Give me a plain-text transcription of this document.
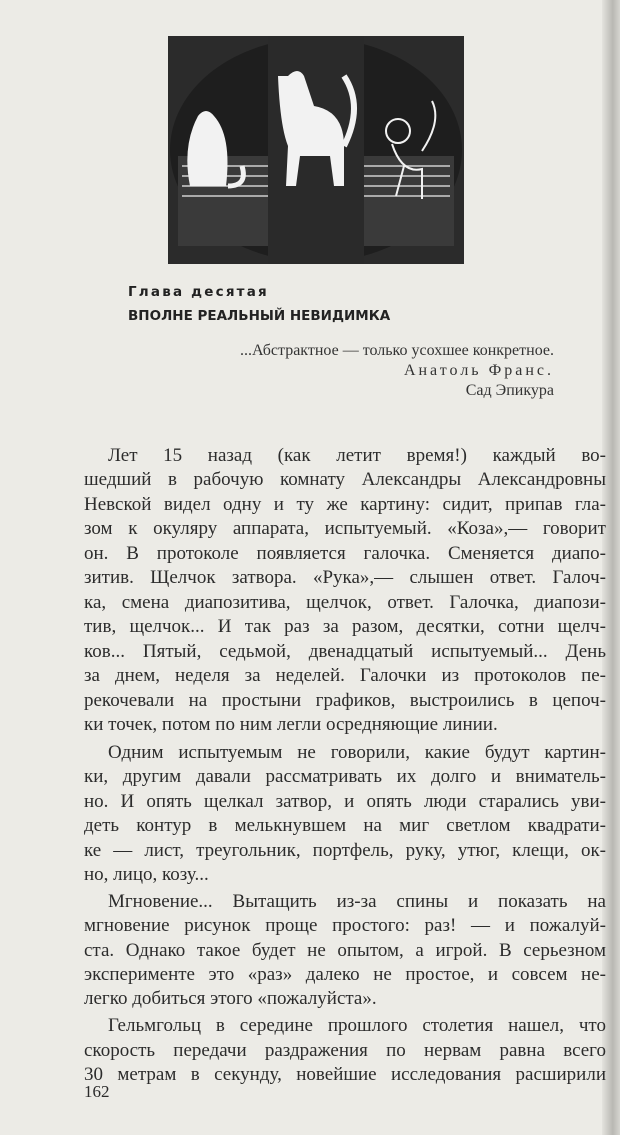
Глава десятая
ВПОЛНЕ РЕАЛЬНЫЙ НЕВИДИМКА
...Абстрактное — только усохшее конкретное.
Анатоль Франс.
Сад Эпикура
Лет 15 назад (как летит время!) каждый во-
шедший в рабочую комнату Александры Александровны
Невской видел одну и ту же картину: сидит, припав гла-
зом к окуляру аппарата, испытуемый. «Коза»,— говорит
он. В протоколе появляется галочка. Сменяется диапо-
зитив. Щелчок затвора. «Рука»,— слышен ответ. Галоч-
ка, смена диапозитива, щелчок, ответ. Галочка, диапози-
тив, щелчок... И так раз за разом, десятки, сотни щелч-
ков... Пятый, седьмой, двенадцатый испытуемый... День
за днем, неделя за неделей. Галочки из протоколов пе-
рекочевали на простыни графиков, выстроились в цепоч-
ки точек, потом по ним легли осредняющие линии.
Одним испытуемым не говорили, какие будут картин-
ки, другим давали рассматривать их долго и вниматель-
но. И опять щелкал затвор, и опять люди старались уви-
деть контур в мелькнувшем на миг светлом квадрати-
ке — лист, треугольник, портфель, руку, утюг, клещи, ок-
но, лицо, козу...
Мгновение... Вытащить из-за спины и показать на
мгновение рисунок проще простого: раз! — и пожалуй-
ста. Однако такое будет не опытом, а игрой. В серьезном
эксперименте это «раз» далеко не простое, и совсем не-
легко добиться этого «пожалуйста».
Гельмгольц в середине прошлого столетия нашел, что
скорость передачи раздражения по нервам равна всего
30 метрам в секунду, новейшие исследования расширили
162
